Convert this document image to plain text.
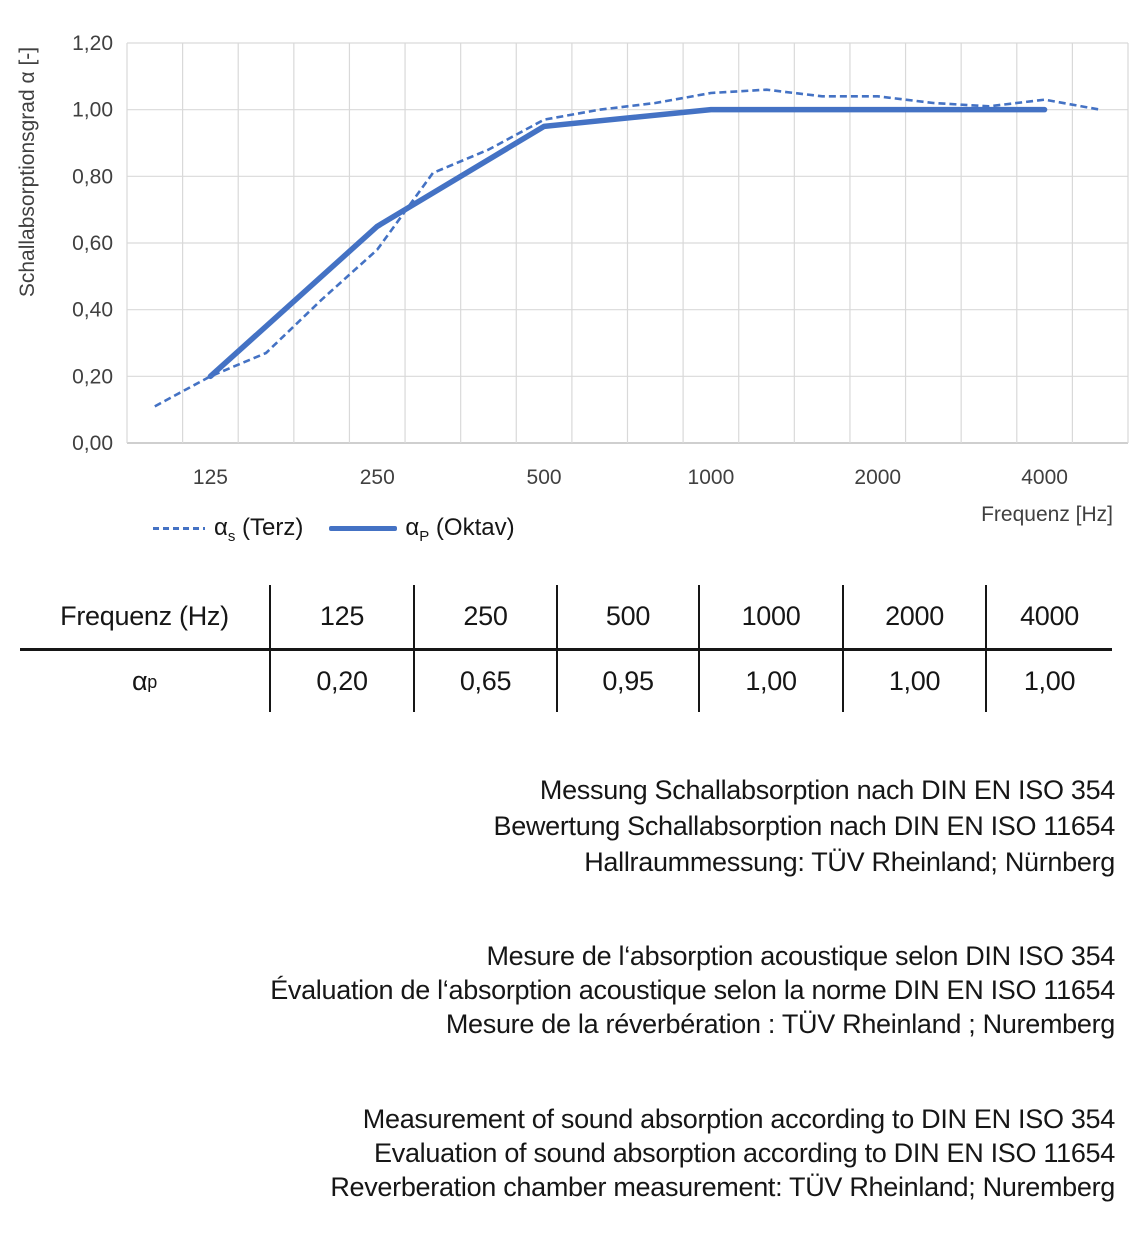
0,00
0,20
0,40
0,60
0,80
1,00
1,20
125	250	500	1000	2000	4000
Schallabsorptionsgrad α [-]
$\alpha_s$ (Terz)	$\alpha_P$ (Oktav)	Frequenz [Hz]
Frequenz (Hz)	125	250	500	1000	2000	4000
α p	0,20	0,65	0,95	1,00	1,00	1,00
Messung Schallabsorption nach DIN EN ISO 354
Bewertung Schallabsorption nach DIN EN ISO 11654
Hallraummessung: TÜV Rheinland; Nürnberg
Mesure de l‘absorption acoustique selon DIN ISO 354
Évaluation de l‘absorption acoustique selon la norme DIN EN ISO 11654
Mesure de la réverbération : TÜV Rheinland ; Nuremberg
Measurement of sound absorption according to DIN EN ISO 354
Evaluation of sound absorption according to DIN EN ISO 11654
Reverberation chamber measurement: TÜV Rheinland; Nuremberg
